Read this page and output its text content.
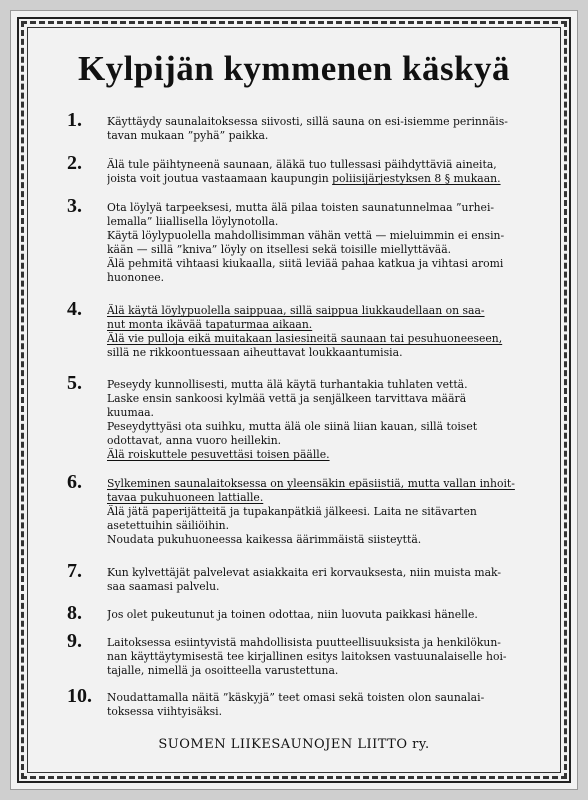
Kylpijän kymmenen käskyä
1.	Käyttäydy saunalaitoksessa siivosti, sillä sauna on esi-isiemme perinnäis-
tavan mukaan ”pyhä” paikka.
2.	Älä tule päihtyneenä saunaan, äläkä tuo tullessasi päihdyttäviä aineita,
joista voit joutua vastaamaan kaupungin poliisijärjestyksen 8 § mukaan.
3.	Ota löylyä tarpeeksesi, mutta älä pilaa toisten saunatunnelmaa ”urhei-
lemalla” liiallisella löylynotolla.
Käytä löylypuolella mahdollisimman vähän vettä — mieluimmin ei ensin-
kään — sillä ”kniva” löyly on itsellesi sekä toisille miellyttävää.
Älä pehmitä vihtaasi kiukaalla, siitä leviää pahaa katkua ja vihtasi aromi
huononee.
4.	Älä käytä löylypuolella saippuaa, sillä saippua liukkaudellaan on saa-
nut monta ikävää tapaturmaa aikaan.
Älä vie pulloja eikä muitakaan lasiesineitä saunaan tai pesuhuoneeseen,
sillä ne rikkoontuessaan aiheuttavat loukkaantumisia.
5.	Peseydy kunnollisesti, mutta älä käytä turhantakia tuhlaten vettä.
Laske ensin sankoosi kylmää vettä ja senjälkeen tarvittava määrä
kuumaa.
Peseydyttyäsi ota suihku, mutta älä ole siinä liian kauan, sillä toiset
odottavat, anna vuoro heillekin.
Älä roiskuttele pesuvettäsi toisen päälle.
6.	Sylkeminen saunalaitoksessa on yleensäkin epäsiistiä, mutta vallan inhoit-
tavaa pukuhuoneen lattialle.
Älä jätä paperijätteitä ja tupakanpätkiä jälkeesi. Laita ne sitävarten
asetettuihin säiliöihin.
Noudata pukuhuoneessa kaikessa äärimmäistä siisteyttä.
7.	Kun kylvettäjät palvelevat asiakkaita eri korvauksesta, niin muista mak-
saa saamasi palvelu.
8.	Jos olet pukeutunut ja toinen odottaa, niin luovuta paikkasi hänelle.
9.	Laitoksessa esiintyvistä mahdollisista puutteellisuuksista ja henkilökun-
nan käyttäytymisestä tee kirjallinen esitys laitoksen vastuunalaiselle hoi-
tajalle, nimellä ja osoitteella varustettuna.
10. Noudattamalla näitä ”käskyjä” teet omasi sekä toisten olon saunalai-
toksessa viihtyisäksi.
SUOMEN LIIKESAUNOJEN LIITTO ry.
